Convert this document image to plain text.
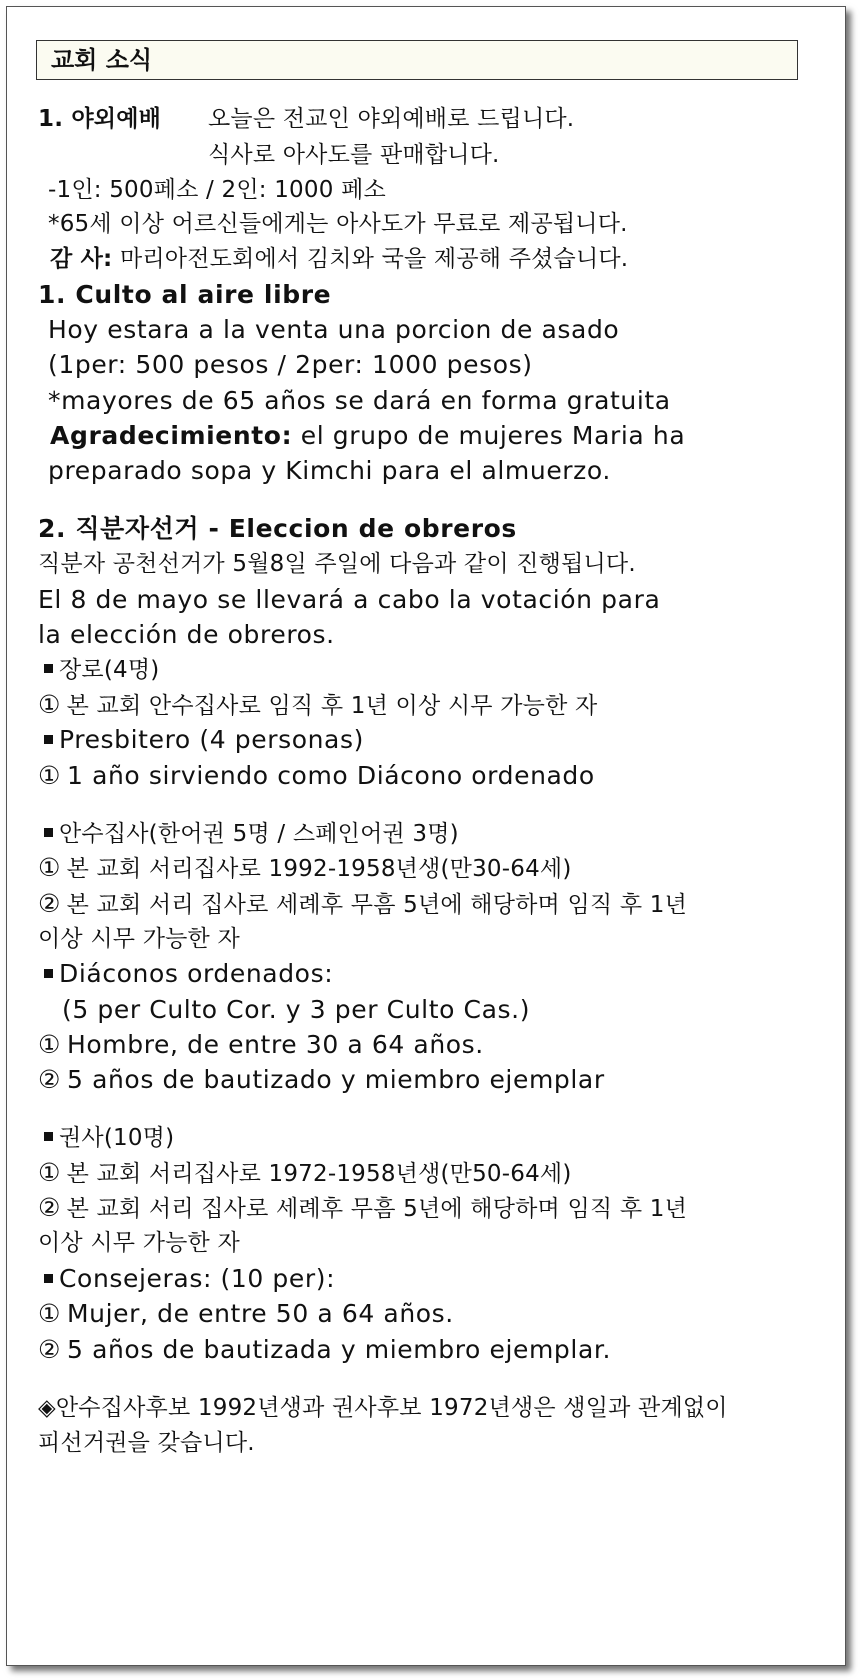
교회 소식
1. 야외예배 오늘은 전교인 야외예배로 드립니다.
식사로 아사도를 판매합니다.
-1인: 500페소 / 2인: 1000 페소
*65세 이상 어르신들에게는 아사도가 무료로 제공됩니다.
감 사: 마리아전도회에서 김치와 국을 제공해 주셨습니다.
1. Culto al aire libre
Hoy estara a la venta una porcion de asado
(1per: 500 pesos / 2per: 1000 pesos)
*mayores de 65 años se dará en forma gratuita
Agradecimiento: el grupo de mujeres Maria ha
preparado sopa y Kimchi para el almuerzo.
2. 직분자선거 - Eleccion de obreros
직분자 공천선거가 5월8일 주일에 다음과 같이 진행됩니다.
El 8 de mayo se llevará a cabo la votación para
la elección de obreros.
장로(4명)
① 본 교회 안수집사로 임직 후 1년 이상 시무 가능한 자
Presbitero (4 personas)
① 1 año sirviendo como Diácono ordenado
안수집사(한어권 5명 / 스페인어권 3명)
① 본 교회 서리집사로 1992-1958년생(만30-64세)
② 본 교회 서리 집사로 세례후 무흠 5년에 해당하며 임직 후 1년
이상 시무 가능한 자
Diáconos ordenados:
(5 per Culto Cor. y 3 per Culto Cas.)
① Hombre, de entre 30 a 64 años.
② 5 años de bautizado y miembro ejemplar
권사(10명)
① 본 교회 서리집사로 1972-1958년생(만50-64세)
② 본 교회 서리 집사로 세례후 무흠 5년에 해당하며 임직 후 1년
이상 시무 가능한 자
Consejeras: (10 per):
① Mujer, de entre 50 a 64 años.
② 5 años de bautizada y miembro ejemplar.
◈안수집사후보 1992년생과 권사후보 1972년생은 생일과 관계없이
피선거권을 갖습니다.
